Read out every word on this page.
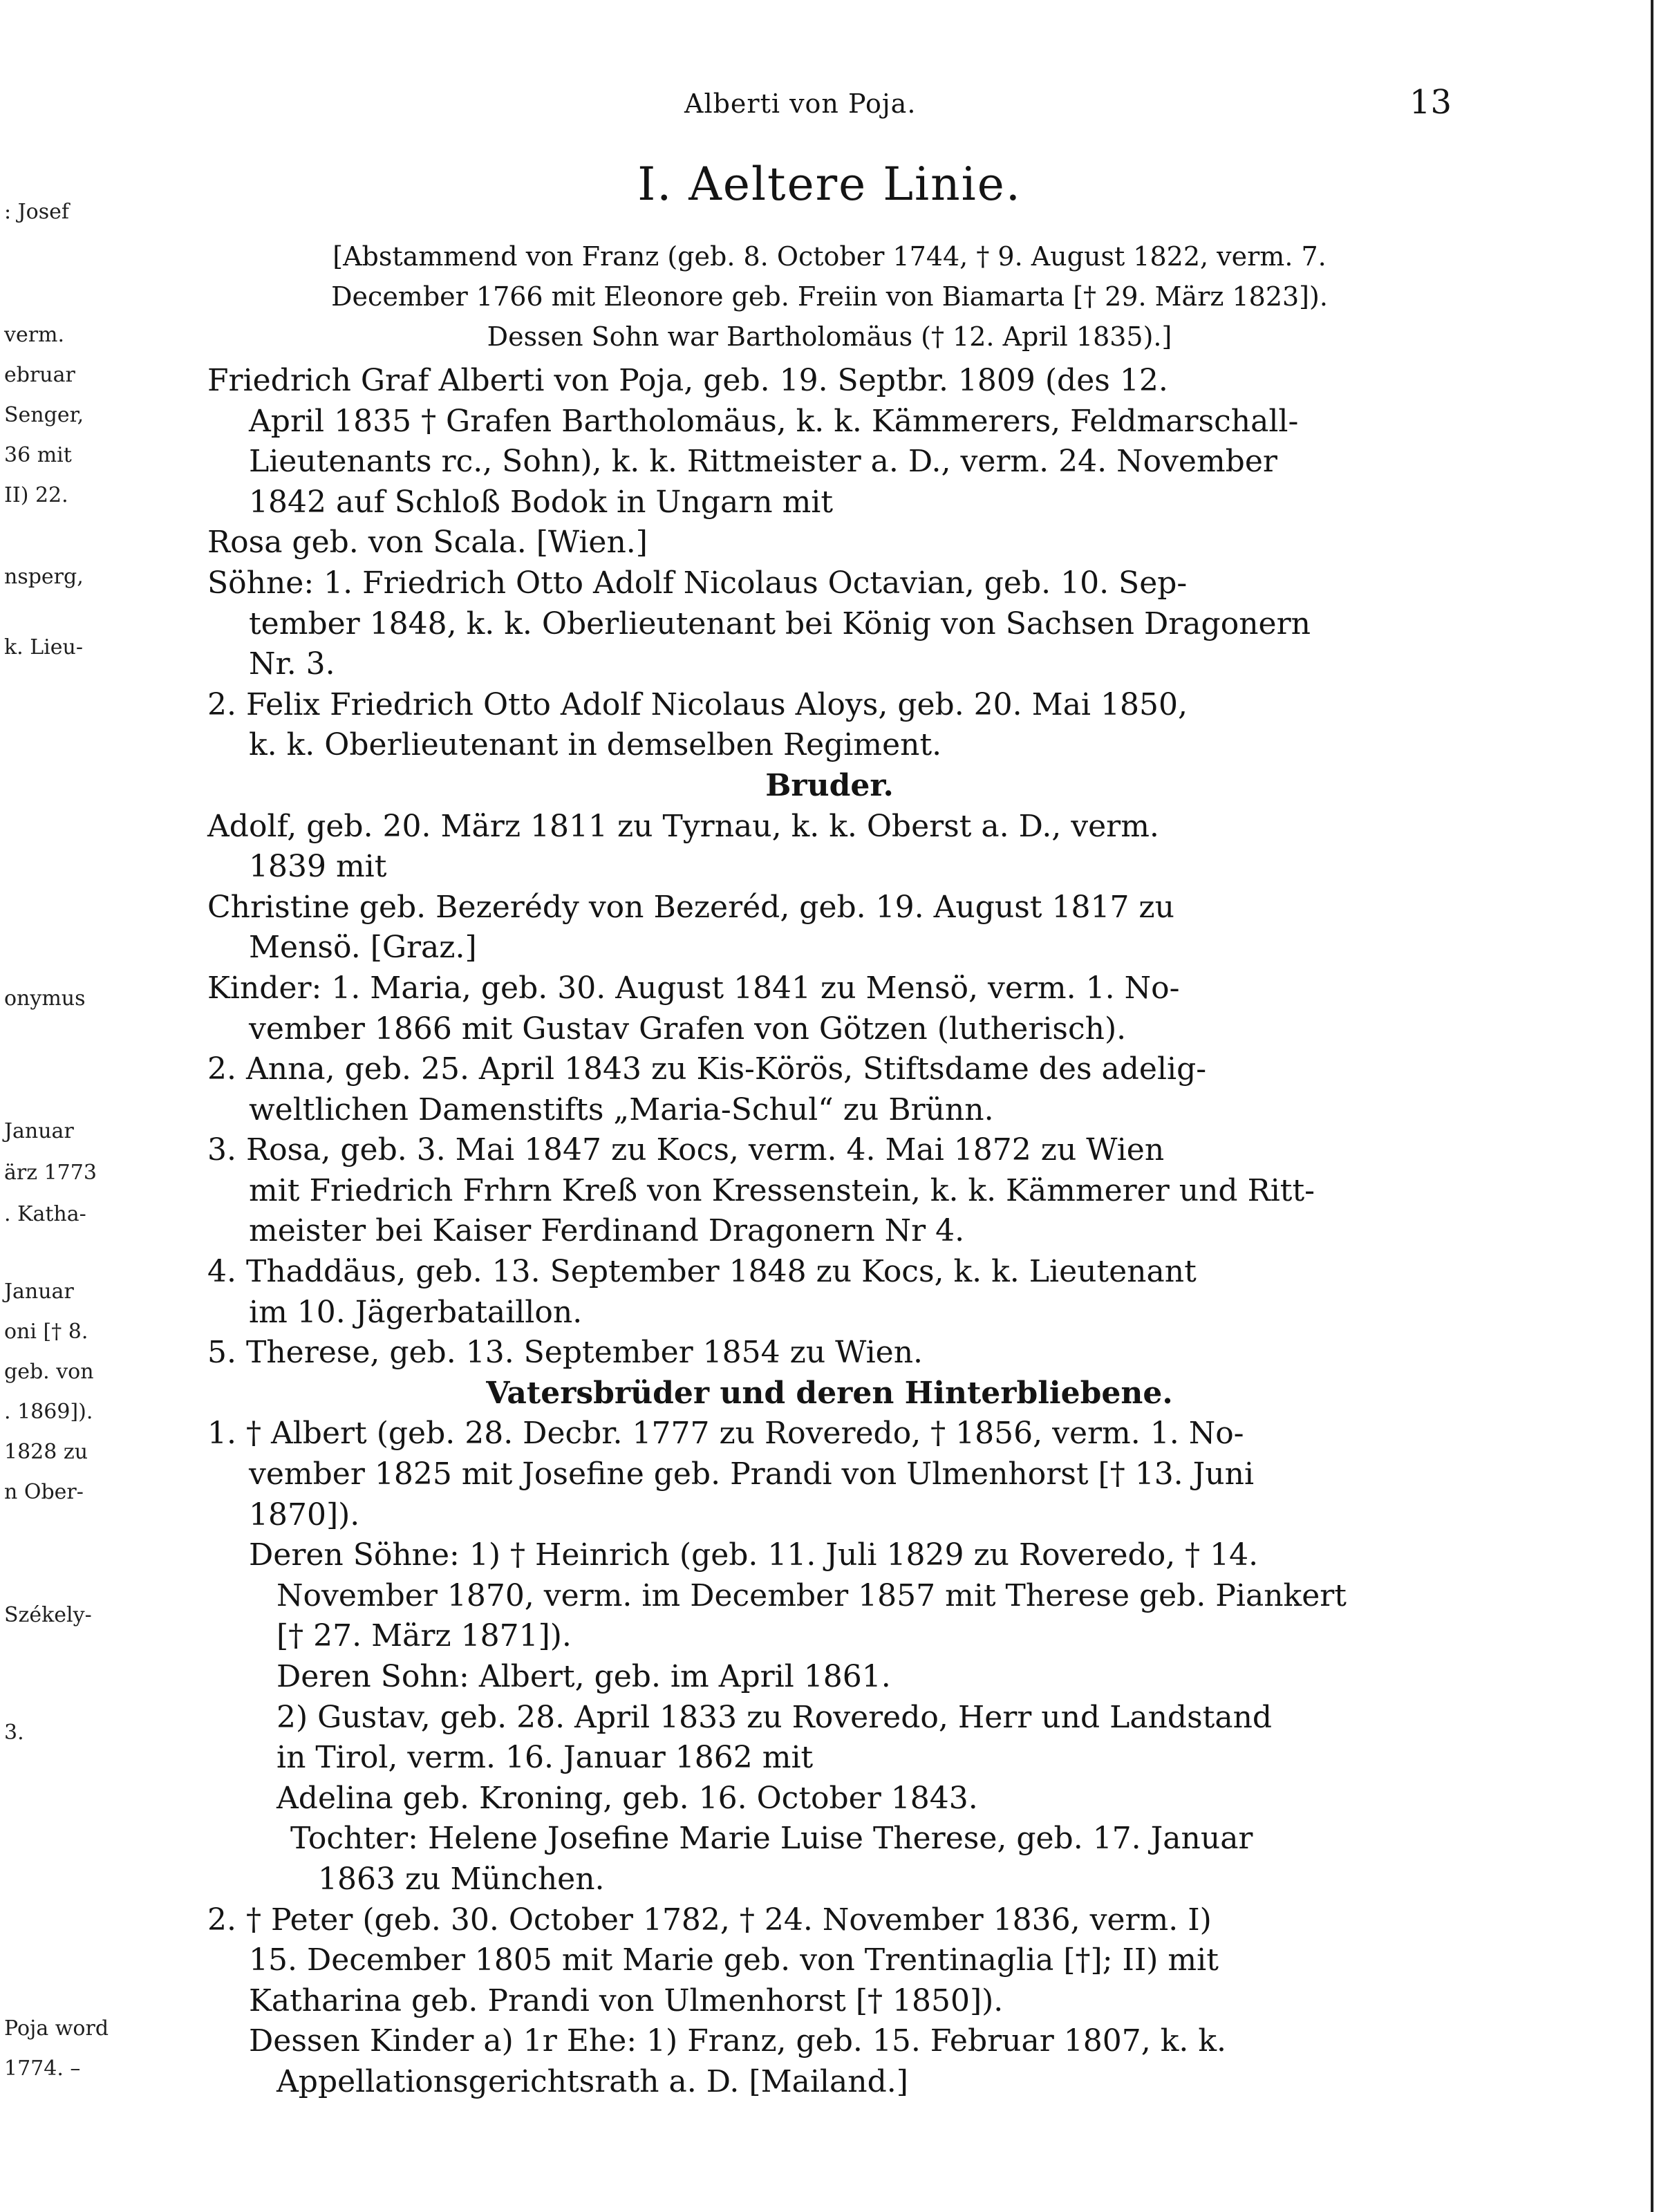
: Josef
verm.
ebruar
Senger,
36 mit
II) 22.
nsperg,
k. Lieu-
onymus
Januar
ärz 1773
. Katha-
Januar
oni [† 8.
geb. von
. 1869]).
1828 zu
n Ober-
Székely-
3.
Poja word
1774. –
Alberti von Poja.	13
I. Aeltere Linie.
[Abstammend von Franz (geb. 8. October 1744, † 9. August 1822, verm. 7.
December 1766 mit Eleonore geb. Freiin von Biamarta [† 29. März 1823]).
Dessen Sohn war Bartholomäus († 12. April 1835).]
Friedrich Graf Alberti von Poja, geb. 19. Septbr. 1809 (des 12.
April 1835 † Grafen Bartholomäus, k. k. Kämmerers, Feldmarschall-
Lieutenants rc., Sohn), k. k. Rittmeister a. D., verm. 24. November
1842 auf Schloß Bodok in Ungarn mit
Rosa geb. von Scala. [Wien.]
Söhne: 1. Friedrich Otto Adolf Nicolaus Octavian, geb. 10. Sep-
tember 1848, k. k. Oberlieutenant bei König von Sachsen Dragonern
Nr. 3.
2. Felix Friedrich Otto Adolf Nicolaus Aloys, geb. 20. Mai 1850,
k. k. Oberlieutenant in demselben Regiment.
Bruder.
Adolf, geb. 20. März 1811 zu Tyrnau, k. k. Oberst a. D., verm.
1839 mit
Christine geb. Bezerédy von Bezeréd, geb. 19. August 1817 zu
Mensö. [Graz.]
Kinder: 1. Maria, geb. 30. August 1841 zu Mensö, verm. 1. No-
vember 1866 mit Gustav Grafen von Götzen (lutherisch).
2. Anna, geb. 25. April 1843 zu Kis-Körös, Stiftsdame des adelig-
weltlichen Damenstifts „Maria-Schul“ zu Brünn.
3. Rosa, geb. 3. Mai 1847 zu Kocs, verm. 4. Mai 1872 zu Wien
mit Friedrich Frhrn Kreß von Kressenstein, k. k. Kämmerer und Ritt-
meister bei Kaiser Ferdinand Dragonern Nr 4.
4. Thaddäus, geb. 13. September 1848 zu Kocs, k. k. Lieutenant
im 10. Jägerbataillon.
5. Therese, geb. 13. September 1854 zu Wien.
Vatersbrüder und deren Hinterbliebene.
1. † Albert (geb. 28. Decbr. 1777 zu Roveredo, † 1856, verm. 1. No-
vember 1825 mit Josefine geb. Prandi von Ulmenhorst [† 13. Juni
1870]).
Deren Söhne: 1) † Heinrich (geb. 11. Juli 1829 zu Roveredo, † 14.
November 1870, verm. im December 1857 mit Therese geb. Piankert
[† 27. März 1871]).
Deren Sohn: Albert, geb. im April 1861.
2) Gustav, geb. 28. April 1833 zu Roveredo, Herr und Landstand
in Tirol, verm. 16. Januar 1862 mit
Adelina geb. Kroning, geb. 16. October 1843.
Tochter: Helene Josefine Marie Luise Therese, geb. 17. Januar
1863 zu München.
2. † Peter (geb. 30. October 1782, † 24. November 1836, verm. I)
15. December 1805 mit Marie geb. von Trentinaglia [†]; II) mit
Katharina geb. Prandi von Ulmenhorst [† 1850]).
Dessen Kinder a) 1r Ehe: 1) Franz, geb. 15. Februar 1807, k. k.
Appellationsgerichtsrath a. D. [Mailand.]
